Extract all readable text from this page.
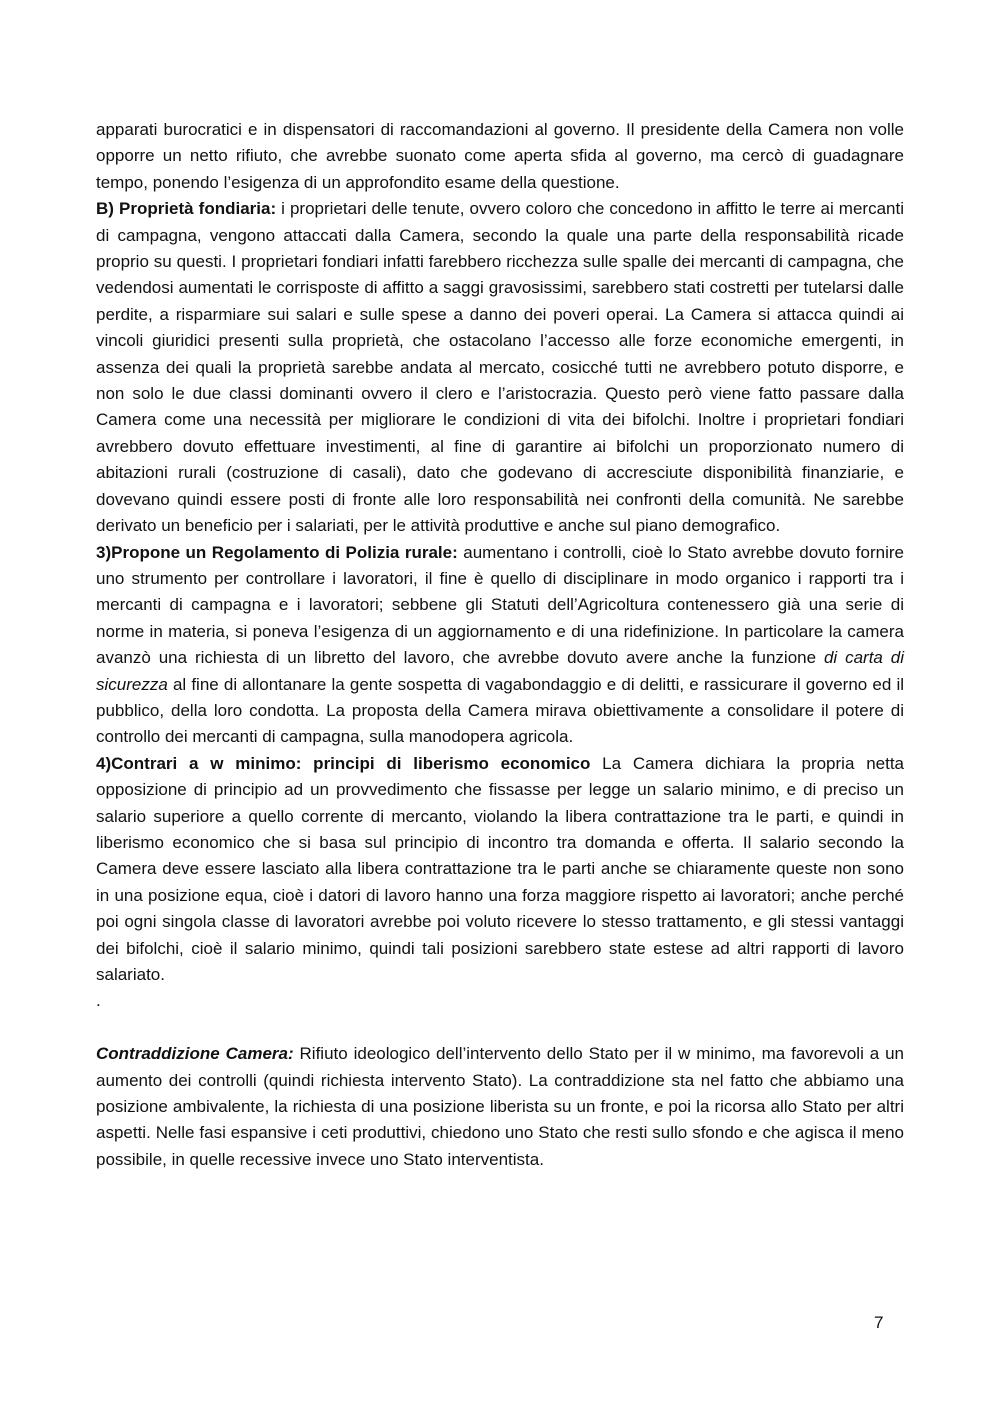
apparati burocratici e in dispensatori di raccomandazioni al governo. Il presidente della Camera non volle opporre un netto rifiuto, che avrebbe suonato come aperta sfida al governo, ma cercò di guadagnare tempo, ponendo l’esigenza di un approfondito esame della questione.

B) Proprietà fondiaria: i proprietari delle tenute, ovvero coloro che concedono in affitto le terre ai mercanti di campagna, vengono attaccati dalla Camera, secondo la quale una parte della responsabilità ricade proprio su questi. I proprietari fondiari infatti farebbero ricchezza sulle spalle dei mercanti di campagna, che vedendosi aumentati le corrisposte di affitto a saggi gravosissimi, sarebbero stati costretti per tutelarsi dalle perdite, a risparmiare sui salari e sulle spese a danno dei poveri operai. La Camera si attacca quindi ai vincoli giuridici presenti sulla proprietà, che ostacolano l’accesso alle forze economiche emergenti, in assenza dei quali la proprietà sarebbe andata al mercato, cosicché tutti ne avrebbero potuto disporre, e non solo le due classi dominanti ovvero il clero e l’aristocrazia. Questo però viene fatto passare dalla Camera come una necessità per migliorare le condizioni di vita dei bifolchi. Inoltre i proprietari fondiari avrebbero dovuto effettuare investimenti, al fine di garantire ai bifolchi un proporzionato numero di abitazioni rurali (costruzione di casali), dato che godevano di accresciute disponibilità finanziarie, e dovevano quindi essere posti di fronte alle loro responsabilità nei confronti della comunità. Ne sarebbe derivato un beneficio per i salariati, per le attività produttive e anche sul piano demografico.

3)Propone un Regolamento di Polizia rurale: aumentano i controlli, cioè lo Stato avrebbe dovuto fornire uno strumento per controllare i lavoratori, il fine è quello di disciplinare in modo organico i rapporti tra i mercanti di campagna e i lavoratori; sebbene gli Statuti dell’Agricoltura contenessero già una serie di norme in materia, si poneva l’esigenza di un aggiornamento e di una ridefinizione. In particolare la camera avanzò una richiesta di un libretto del lavoro, che avrebbe dovuto avere anche la funzione di carta di sicurezza al fine di allontanare la gente sospetta di vagabondaggio e di delitti, e rassicurare il governo ed il pubblico, della loro condotta. La proposta della Camera mirava obiettivamente a consolidare il potere di controllo dei mercanti di campagna, sulla manodopera agricola.

4)Contrari a w minimo: principi di liberismo economico La Camera dichiara la propria netta opposizione di principio ad un provvedimento che fissasse per legge un salario minimo, e di preciso un salario superiore a quello corrente di mercanto, violando la libera contrattazione tra le parti, e quindi in liberismo economico che si basa sul principio di incontro tra domanda e offerta. Il salario secondo la Camera deve essere lasciato alla libera contrattazione tra le parti anche se chiaramente queste non sono in una posizione equa, cioè i datori di lavoro hanno una forza maggiore rispetto ai lavoratori; anche perché poi ogni singola classe di lavoratori avrebbe poi voluto ricevere lo stesso trattamento, e gli stessi vantaggi dei bifolchi, cioè il salario minimo, quindi tali posizioni sarebbero state estese ad altri rapporti di lavoro salariato.

.

Contraddizione Camera: Rifiuto ideologico dell’intervento dello Stato per il w minimo, ma favorevoli a un aumento dei controlli (quindi richiesta intervento Stato). La contraddizione sta nel fatto che abbiamo una posizione ambivalente, la richiesta di una posizione liberista su un fronte, e poi la ricorsa allo Stato per altri aspetti. Nelle fasi espansive i ceti produttivi, chiedono uno Stato che resti sullo sfondo e che agisca il meno possibile, in quelle recessive invece uno Stato interventista.

7
